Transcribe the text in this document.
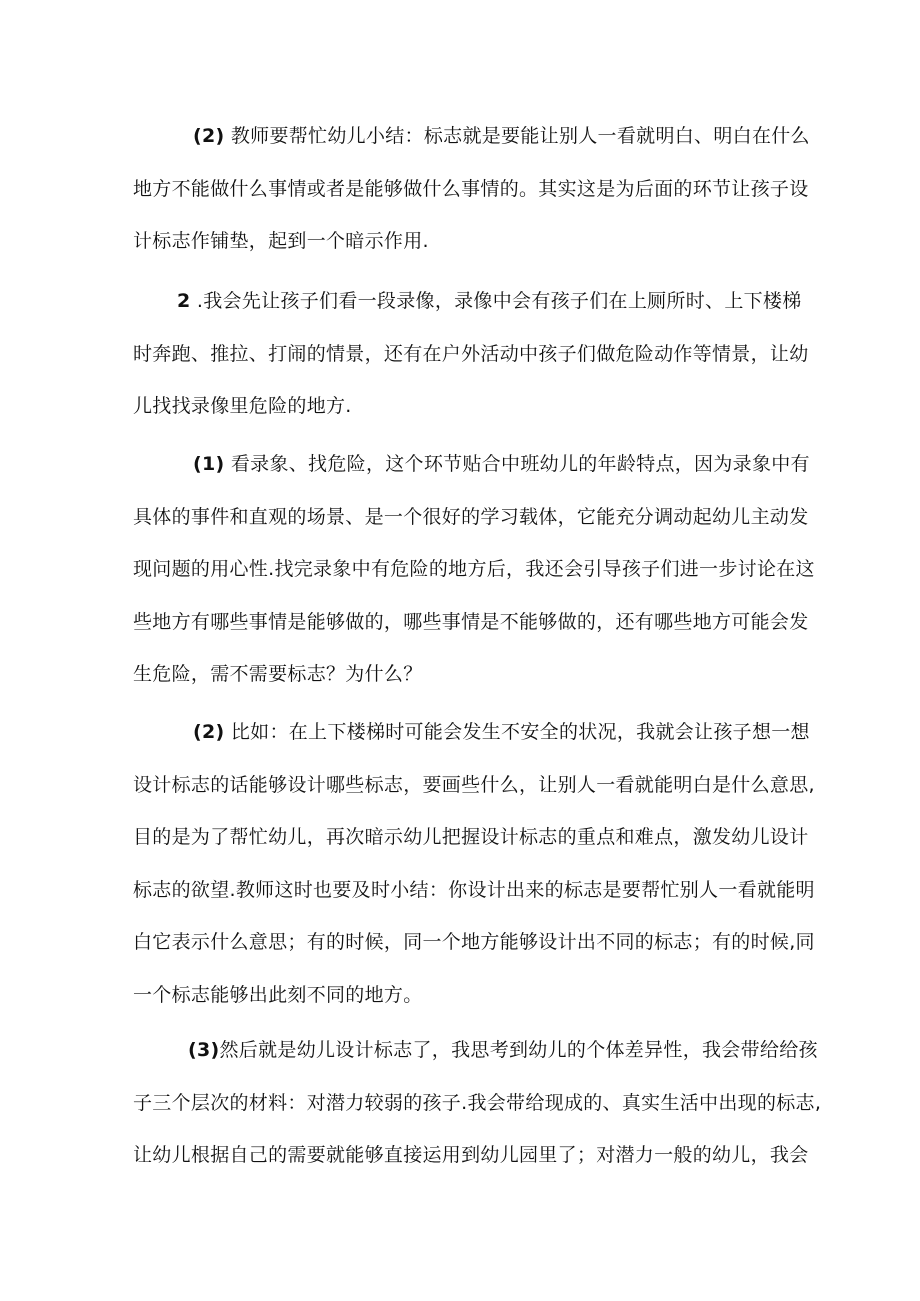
(2) 教师要帮忙幼儿小结：标志就是要能让别人一看就明白、明白在什么
地方不能做什么事情或者是能够做什么事情的。其实这是为后面的环节让孩子设
计标志作铺垫，起到一个暗示作用.
2 .我会先让孩子们看一段录像，录像中会有孩子们在上厕所时、上下楼梯
时奔跑、推拉、打闹的情景，还有在户外活动中孩子们做危险动作等情景，让幼
儿找找录像里危险的地方.
(1) 看录象、找危险，这个环节贴合中班幼儿的年龄特点，因为录象中有
具体的事件和直观的场景、是一个很好的学习载体，它能充分调动起幼儿主动发
现问题的用心性.找完录象中有危险的地方后，我还会引导孩子们进一步讨论在这
些地方有哪些事情是能够做的，哪些事情是不能够做的，还有哪些地方可能会发
生危险，需不需要标志？为什么？
(2) 比如：在上下楼梯时可能会发生不安全的状况，我就会让孩子想一想
设计标志的话能够设计哪些标志，要画些什么，让别人一看就能明白是什么意思,
目的是为了帮忙幼儿，再次暗示幼儿把握设计标志的重点和难点，激发幼儿设计
标志的欲望.教师这时也要及时小结：你设计出来的标志是要帮忙别人一看就能明
白它表示什么意思；有的时候，同一个地方能够设计出不同的标志；有的时候,同
一个标志能够出此刻不同的地方。
(3)然后就是幼儿设计标志了，我思考到幼儿的个体差异性，我会带给给孩
子三个层次的材料：对潜力较弱的孩子.我会带给现成的、真实生活中出现的标志,
让幼儿根据自己的需要就能够直接运用到幼儿园里了；对潜力一般的幼儿，我会
